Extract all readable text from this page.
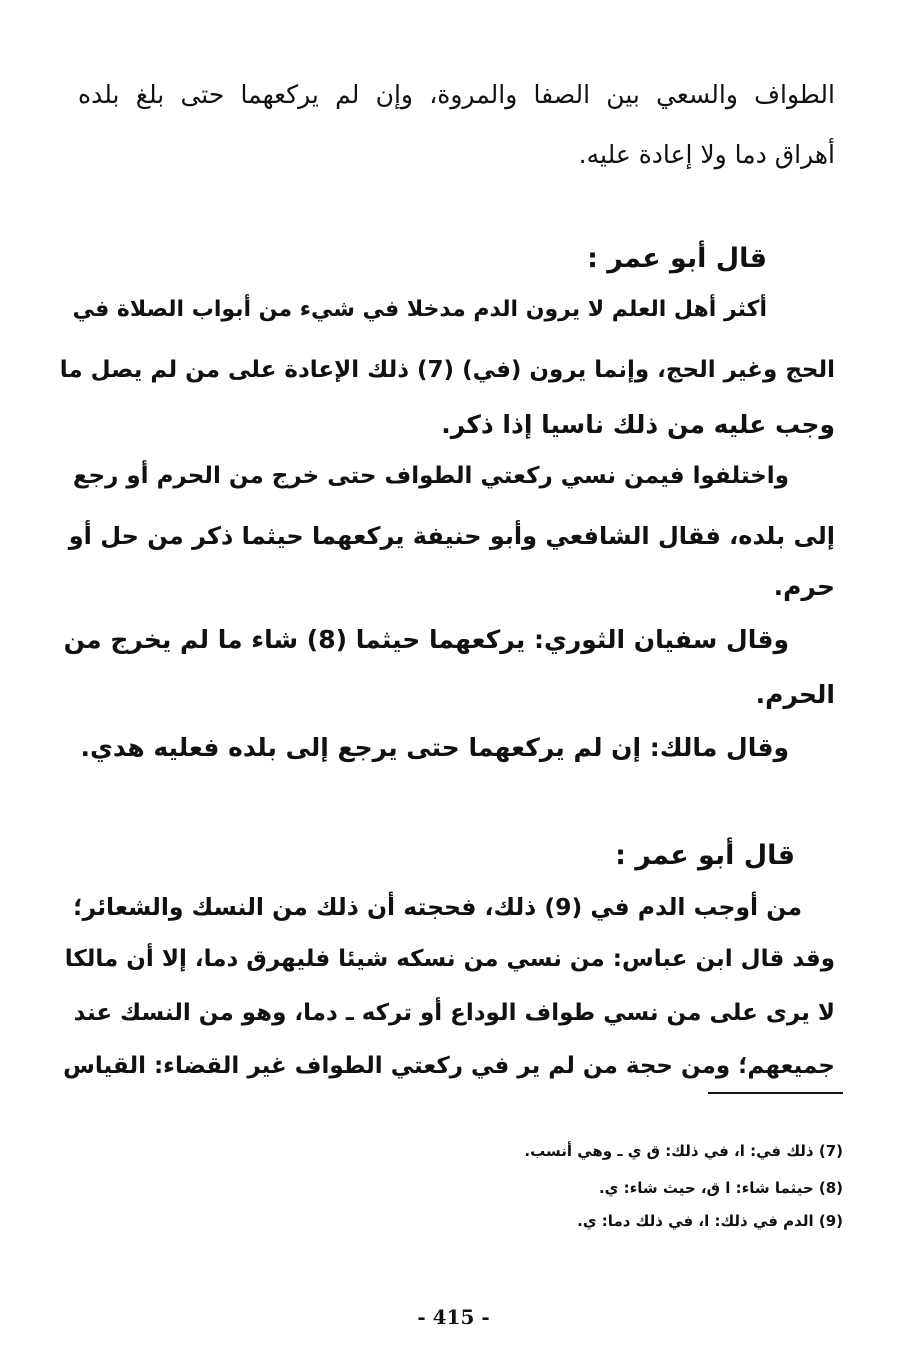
الطواف والسعي بين الصفا والمروة، وإن لم يركعهما حتى بلغ بلده
أهراق دما ولا إعادة عليه.
قال أبو عمر :
أكثر أهل العلم لا يرون الدم مدخلا في شيء من أبواب الصلاة في
الحج وغير الحج، وإنما يرون (في) (7) ذلك الإعادة على من لم يصل ما
وجب عليه من ذلك ناسيا إذا ذكر.
واختلفوا فيمن نسي ركعتي الطواف حتى خرج من الحرم أو رجع
إلى بلده، فقال الشافعي وأبو حنيفة يركعهما حيثما ذكر من حل أو
حرم.
وقال سفيان الثوري: يركعهما حيثما (8) شاء ما لم يخرج من
الحرم.
وقال مالك: إن لم يركعهما حتى يرجع إلى بلده فعليه هدي.
قال أبو عمر :
من أوجب الدم في (9) ذلك، فحجته أن ذلك من النسك والشعائر؛
وقد قال ابن عباس: من نسي من نسكه شيئا فليهرق دما، إلا أن مالكا
لا يرى على من نسي طواف الوداع أو تركه ـ دما، وهو من النسك عند
جميعهم؛ ومن حجة من لم ير في ركعتي الطواف غير القضاء: القياس
(7) ذلك في: ا، في ذلك: ق ي ـ وهي أنسب.
(8) حيثما شاء: ا ق، حيث شاء: ي.
(9) الدم في ذلك: ا، في ذلك دما: ي.
- 415 -
